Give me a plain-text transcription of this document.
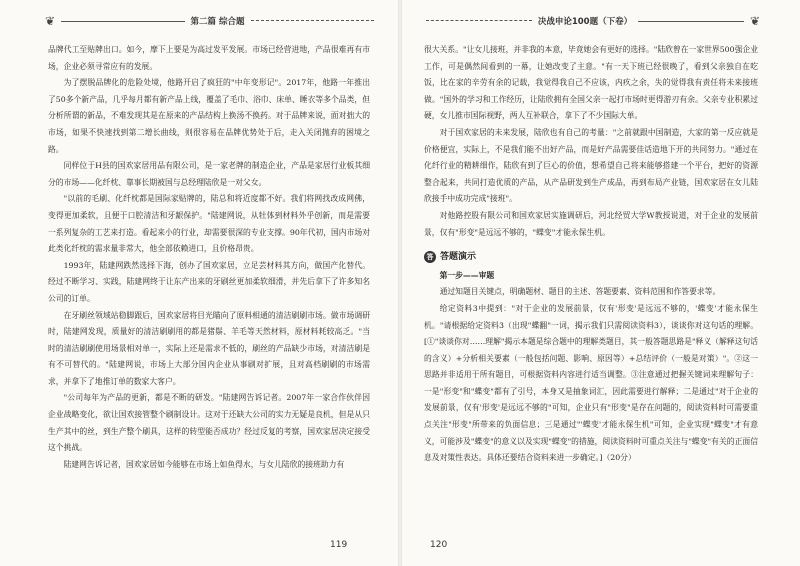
❦	第二篇 综合题

品牌代工至贴牌出口。如今，摩下上要是为高过发平发展。市场已经营进地，产品很难再有市场，企业必须寻常应有的发展。

为了摆脱品牌化的危险处境，他路开启了疯狂的"中年变形记"。2017年，他路一年推出了50多个新产品，几乎每月都有新产品上线，覆盖了毛巾、浴巾、床单、睡衣等多个品类，但分析所谓的新品，不难发现其是在原来的产品结构上换汤不换药。对于品牌来说，面对拙大的市场，如果不快速找到第二增长曲线，则很容易在品牌优势处于后，走入关闭抛弃的困境之路。

同样位于H县的国欢家居用品有限公司，是一家老牌的制造企业，产品是家居行业板其细分的市场——化纤枕、靠事长期被国与总经理陆欣是一对父女。

"以前的毛刷、化纤枕都是国际家贴牌的，陆总和将近度都不好。我们将网找改成网佛，变得更加柔软，且便于口腔清洁和牙龈保护。"陆建网说，从牡体到材料外乎创新，而是需要一系列复杂的工艺来打造。看起来小的行业，却需要很深的专业支撑。90年代初，国内市场对此类化纤枕的需求量非常大，他全部依赖进口，且价格昂贵。

1993年，陆建网跌然选择下海，创办了国欢家居，立足芸材料其方向，做国产化替代。经过不断学习、实践，陆建网终于让东产出来的牙刷丝更加柔软细滑，并先后拿下了许多知名公司的订单。

在牙刷丝领域站稳脚跟后，国欢家居将目光瞄向了原料相通的清洁刷刷市场。做市场调研时，陆建网发现，质量好的清洁刷刷用的都是猪鬃、羊毛等天然材料，原材料耗较高乏。"当时的清洁刷刷使用场景相对单一，实际上还是需求不低的，刷丝的产品缺少市场，对清洁刷是有不可替代的。"陆建网说，市场上大部分国内企业从事刷对扩展，且对高档刷刷的市场需求，并拿下了地推订单的数家大客户。

"公司每年为产品的更新，都是不断的研发。"陆建网告诉记者。2007年一家合作伙伴因企业战略变化，欲让国欢接管整个刷制设计。这对于还缺大公司的实力无疑是良机，但是从只生产其中的丝，到生产整个刷具，这样的转型能否成功？经过反复的考察，国欢家居决定接受这个挑战。

陆建网告诉记者，国欢家居如今能够在市场上如鱼得水，与女儿陆欣的接班助力有

119
决战申论100题（下卷）	❦

很大关系。"让女儿接班，并非我的本意，毕竟她会有更好的选择。"陆欣曾在一家世界500强企业工作，可是偶然间看到的一幕，让她改变了主意。"有一天下班已经很晚了，看到父亲独自在吃饭，比在家的辛劳有余的记载，我觉得我自己不应该，内疚之余，失的觉得我有责任将未来接班做。"国外的学习和工作经历，让陆欣拥有全国父亲一起打市场时更得游刃有余。父亲专业积累过硬，女儿推市国际视野，两人互补联合，拿下了不少国际大单。

对于国欢家居的未来发展，陆欣也有自己的考量："之前就跟中国制造，大家的第一反应就是价格便宜，实际上，不是我们能不出好产品，而是好产品需要佳话造地下开的共同努力。"通过在化纤行业的精耕细作，陆欣有到了巨心的价值，想希望自己将来能够搭建一个平台，把好的资源整合起来，共同打造优质的产品，从产品研发到生产成品，再到布局产业链，国欢家居在女儿陆欣接手中成功完成"接班"。

对他路控股有限公司和国欢家居实施调研后，河北经贸大学W教授说道，对于企业的发展前景，仅有"形变"是远远不够的，"蝶变"才能永保生机。

答 答题演示

第一步——审题

通过知题目关键点，明确题材、题目的主述、答题要素、资料范围和作答要求等。

给定资料3中提到："对于企业的发展前景，仅有'形变'是远远不够的，'蝶变'才能永保生机。"请根据给定资料3（出现"蝶翻"一词，揭示我们只需阅读资料3），谈谈你对这句话的理解。[①"谈谈你对……理解"揭示本题是综合题中的理解类题目，其一般答题思路是"释义（解释这句话的含义）+分析相关要素（一般包括问题、影响、原因等）+总结评价（一般是对策）"。②这一思路并非适用于所有题目，可根据资料内容进行适当调整。③注意通过把握关键词来理解句子：一是"形变"和"蝶变"都有了引号，本身又是抽象词汇，因此需要进行解释；二是通过"对于企业的发展前景，仅有'形变'是远远不够的"可知，企业只有"形变"是存在问题的，阅读资料时可需要重点关注"形变"所带来的负面信息；三是通过"'蝶变'才能永保生机"可知，企业实现"蝶变"才有意义，可能涉及"蝶变"的意义以及实现"蝶变"的措施，阅读资料时可重点关注与"蝶变"有关的正面信息及对策性表达。具体还要结合资料来进一步确定。]（20分）

120
